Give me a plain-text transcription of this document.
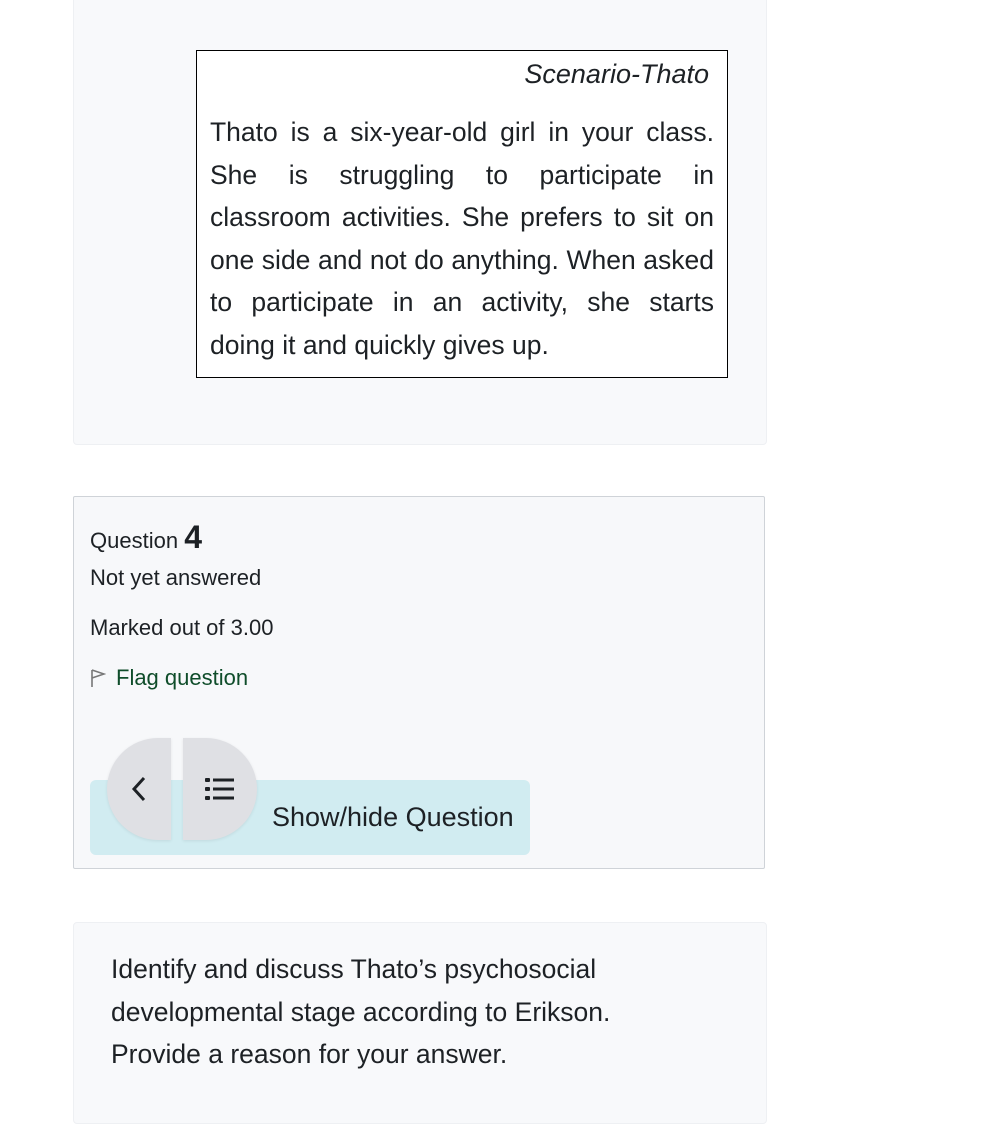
Scenario-Thato
Thato is a six-year-old girl in your class. She is struggling to participate in classroom activities. She prefers to sit on one side and not do anything. When asked to participate in an activity, she starts doing it and quickly gives up.
Question 4
Not yet answered
Marked out of 3.00
Flag question
Show/hide Question
Identify and discuss Thato’s psychosocial developmental stage according to Erikson. Provide a reason for your answer.
